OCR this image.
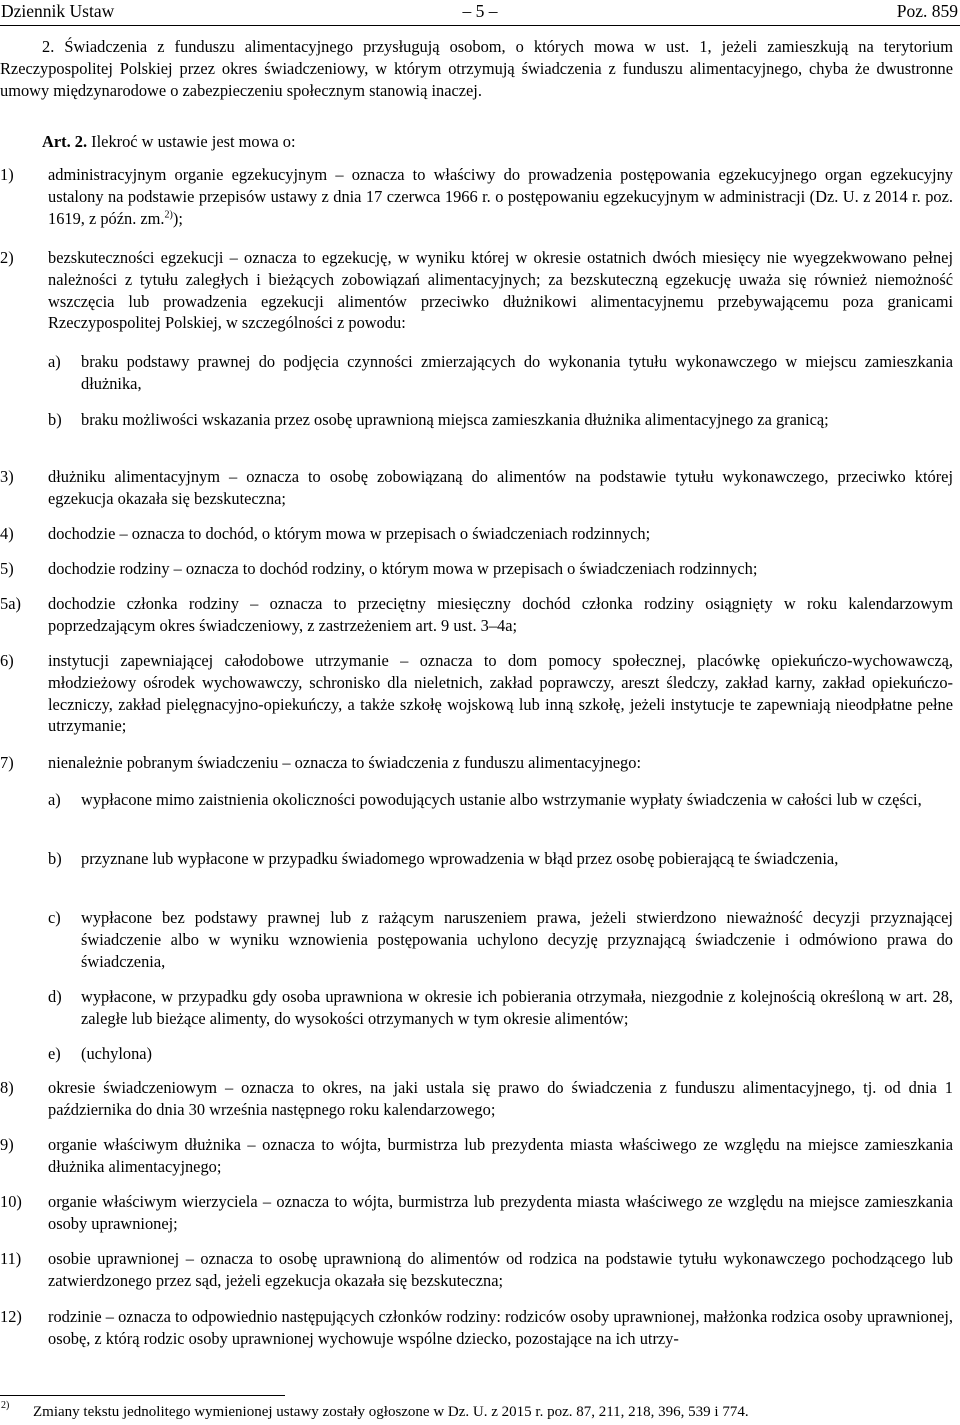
Dziennik Ustaw	– 5 –	Poz. 859

2. Świadczenia z funduszu alimentacyjnego przysługują osobom, o których mowa w ust. 1, jeżeli zamieszkują na terytorium Rzeczypospolitej Polskiej przez okres świadczeniowy, w którym otrzymują świadczenia z funduszu alimentacyjnego, chyba że dwustronne umowy międzynarodowe o zabezpieczeniu społecznym stanowią inaczej.

Art. 2. Ilekroć w ustawie jest mowa o:

1) administracyjnym organie egzekucyjnym – oznacza to właściwy do prowadzenia postępowania egzekucyjnego organ egzekucyjny ustalony na podstawie przepisów ustawy z dnia 17 czerwca 1966 r. o postępowaniu egzekucyjnym w administracji (Dz. U. z 2014 r. poz. 1619, z późn. zm.$^{2)}$);

2) bezskuteczności egzekucji – oznacza to egzekucję, w wyniku której w okresie ostatnich dwóch miesięcy nie wyegzekwowano pełnej należności z tytułu zaległych i bieżących zobowiązań alimentacyjnych; za bezskuteczną egzekucję uważa się również niemożność wszczęcia lub prowadzenia egzekucji alimentów przeciwko dłużnikowi alimentacyjnemu przebywającemu poza granicami Rzeczypospolitej Polskiej, w szczególności z powodu:

a) braku podstawy prawnej do podjęcia czynności zmierzających do wykonania tytułu wykonawczego w miejscu zamieszkania dłużnika,

b) braku możliwości wskazania przez osobę uprawnioną miejsca zamieszkania dłużnika alimentacyjnego za granicą;

3) dłużniku alimentacyjnym – oznacza to osobę zobowiązaną do alimentów na podstawie tytułu wykonawczego, przeciwko której egzekucja okazała się bezskuteczna;

4) dochodzie – oznacza to dochód, o którym mowa w przepisach o świadczeniach rodzinnych;

5) dochodzie rodziny – oznacza to dochód rodziny, o którym mowa w przepisach o świadczeniach rodzinnych;

5a) dochodzie członka rodziny – oznacza to przeciętny miesięczny dochód członka rodziny osiągnięty w roku kalendarzowym poprzedzającym okres świadczeniowy, z zastrzeżeniem art. 9 ust. 3–4a;

6) instytucji zapewniającej całodobowe utrzymanie – oznacza to dom pomocy społecznej, placówkę opiekuńczo-wychowawczą, młodzieżowy ośrodek wychowawczy, schronisko dla nieletnich, zakład poprawczy, areszt śledczy, zakład karny, zakład opiekuńczo-leczniczy, zakład pielęgnacyjno-opiekuńczy, a także szkołę wojskową lub inną szkołę, jeżeli instytucje te zapewniają nieodpłatne pełne utrzymanie;

7) nienależnie pobranym świadczeniu – oznacza to świadczenia z funduszu alimentacyjnego:

a) wypłacone mimo zaistnienia okoliczności powodujących ustanie albo wstrzymanie wypłaty świadczenia w całości lub w części,

b) przyznane lub wypłacone w przypadku świadomego wprowadzenia w błąd przez osobę pobierającą te świadczenia,

c) wypłacone bez podstawy prawnej lub z rażącym naruszeniem prawa, jeżeli stwierdzono nieważność decyzji przyznającej świadczenie albo w wyniku wznowienia postępowania uchylono decyzję przyznającą świadczenie i odmówiono prawa do świadczenia,

d) wypłacone, w przypadku gdy osoba uprawniona w okresie ich pobierania otrzymała, niezgodnie z kolejnością określoną w art. 28, zaległe lub bieżące alimenty, do wysokości otrzymanych w tym okresie alimentów;

e) (uchylona)

8) okresie świadczeniowym – oznacza to okres, na jaki ustala się prawo do świadczenia z funduszu alimentacyjnego, tj. od dnia 1 października do dnia 30 września następnego roku kalendarzowego;

9) organie właściwym dłużnika – oznacza to wójta, burmistrza lub prezydenta miasta właściwego ze względu na miejsce zamieszkania dłużnika alimentacyjnego;

10) organie właściwym wierzyciela – oznacza to wójta, burmistrza lub prezydenta miasta właściwego ze względu na miejsce zamieszkania osoby uprawnionej;

11) osobie uprawnionej – oznacza to osobę uprawnioną do alimentów od rodzica na podstawie tytułu wykonawczego pochodzącego lub zatwierdzonego przez sąd, jeżeli egzekucja okazała się bezskuteczna;

12) rodzinie – oznacza to odpowiednio następujących członków rodziny: rodziców osoby uprawnionej, małżonka rodzica osoby uprawnionej, osobę, z którą rodzic osoby uprawnionej wychowuje wspólne dziecko, pozostające na ich utrzy-

2) Zmiany tekstu jednolitego wymienionej ustawy zostały ogłoszone w Dz. U. z 2015 r. poz. 87, 211, 218, 396, 539 i 774.
